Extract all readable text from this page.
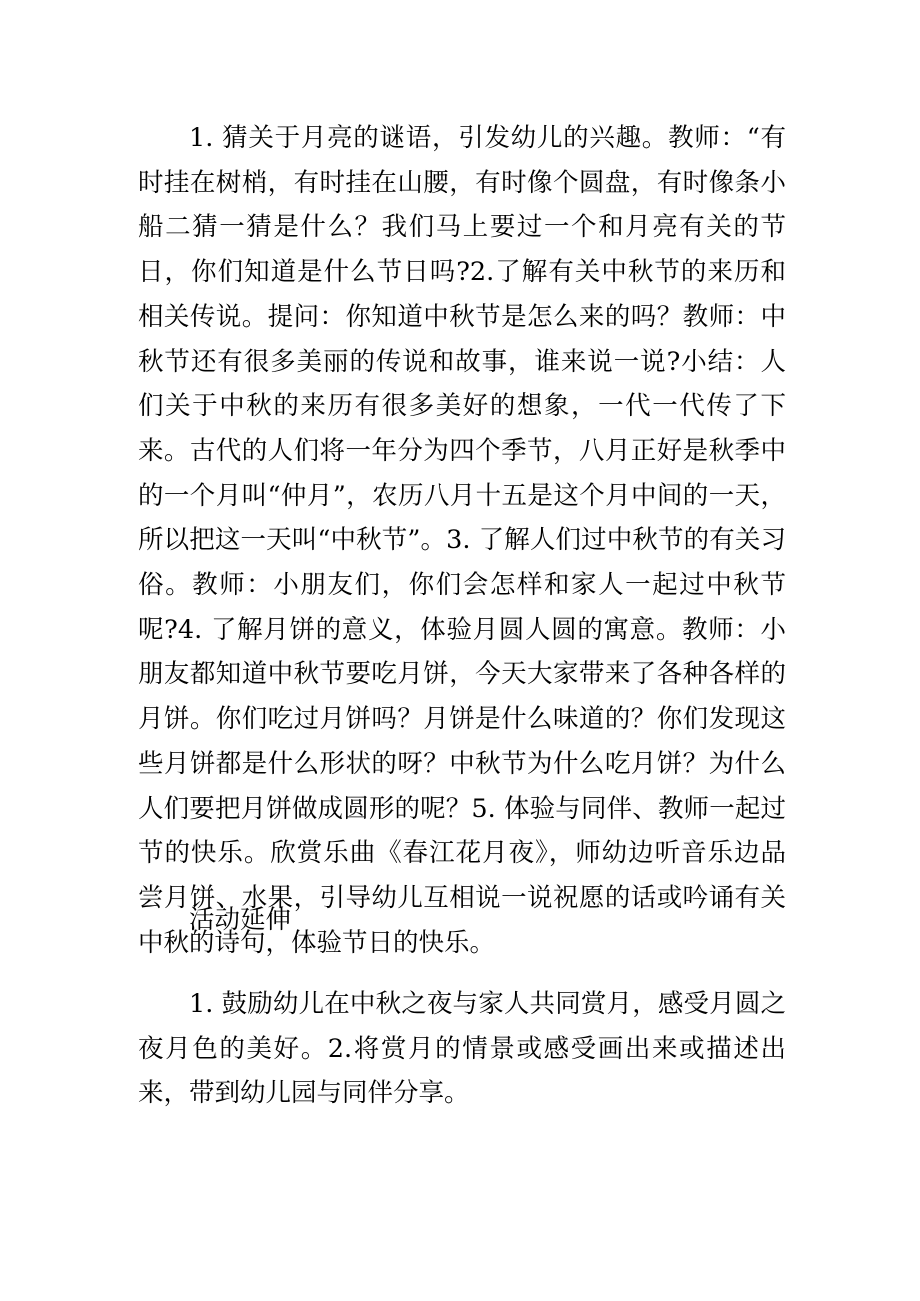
1. 猜关于月亮的谜语，引发幼儿的兴趣。教师：“有时挂在树梢，有时挂在山腰，有时像个圆盘，有时像条小船二猜一猜是什么？我们马上要过一个和月亮有关的节日，你们知道是什么节日吗?2.了解有关中秋节的来历和相关传说。提问：你知道中秋节是怎么来的吗？教师：中秋节还有很多美丽的传说和故事，谁来说一说?小结：人们关于中秋的来历有很多美好的想象，一代一代传了下来。古代的人们将一年分为四个季节，八月正好是秋季中的一个月叫“仲月”，农历八月十五是这个月中间的一天，所以把这一天叫“中秋节”。3. 了解人们过中秋节的有关习俗。教师：小朋友们，你们会怎样和家人一起过中秋节呢?4. 了解月饼的意义，体验月圆人圆的寓意。教师：小朋友都知道中秋节要吃月饼，今天大家带来了各种各样的月饼。你们吃过月饼吗？月饼是什么味道的？你们发现这些月饼都是什么形状的呀？中秋节为什么吃月饼？为什么人们要把月饼做成圆形的呢？5. 体验与同伴、教师一起过节的快乐。欣赏乐曲《春江花月夜》，师幼边听音乐边品尝月饼、水果，引导幼儿互相说一说祝愿的话或吟诵有关中秋的诗句，体验节日的快乐。

活动延伸

1. 鼓励幼儿在中秋之夜与家人共同赏月，感受月圆之夜月色的美好。2.将赏月的情景或感受画出来或描述出来，带到幼儿园与同伴分享。
